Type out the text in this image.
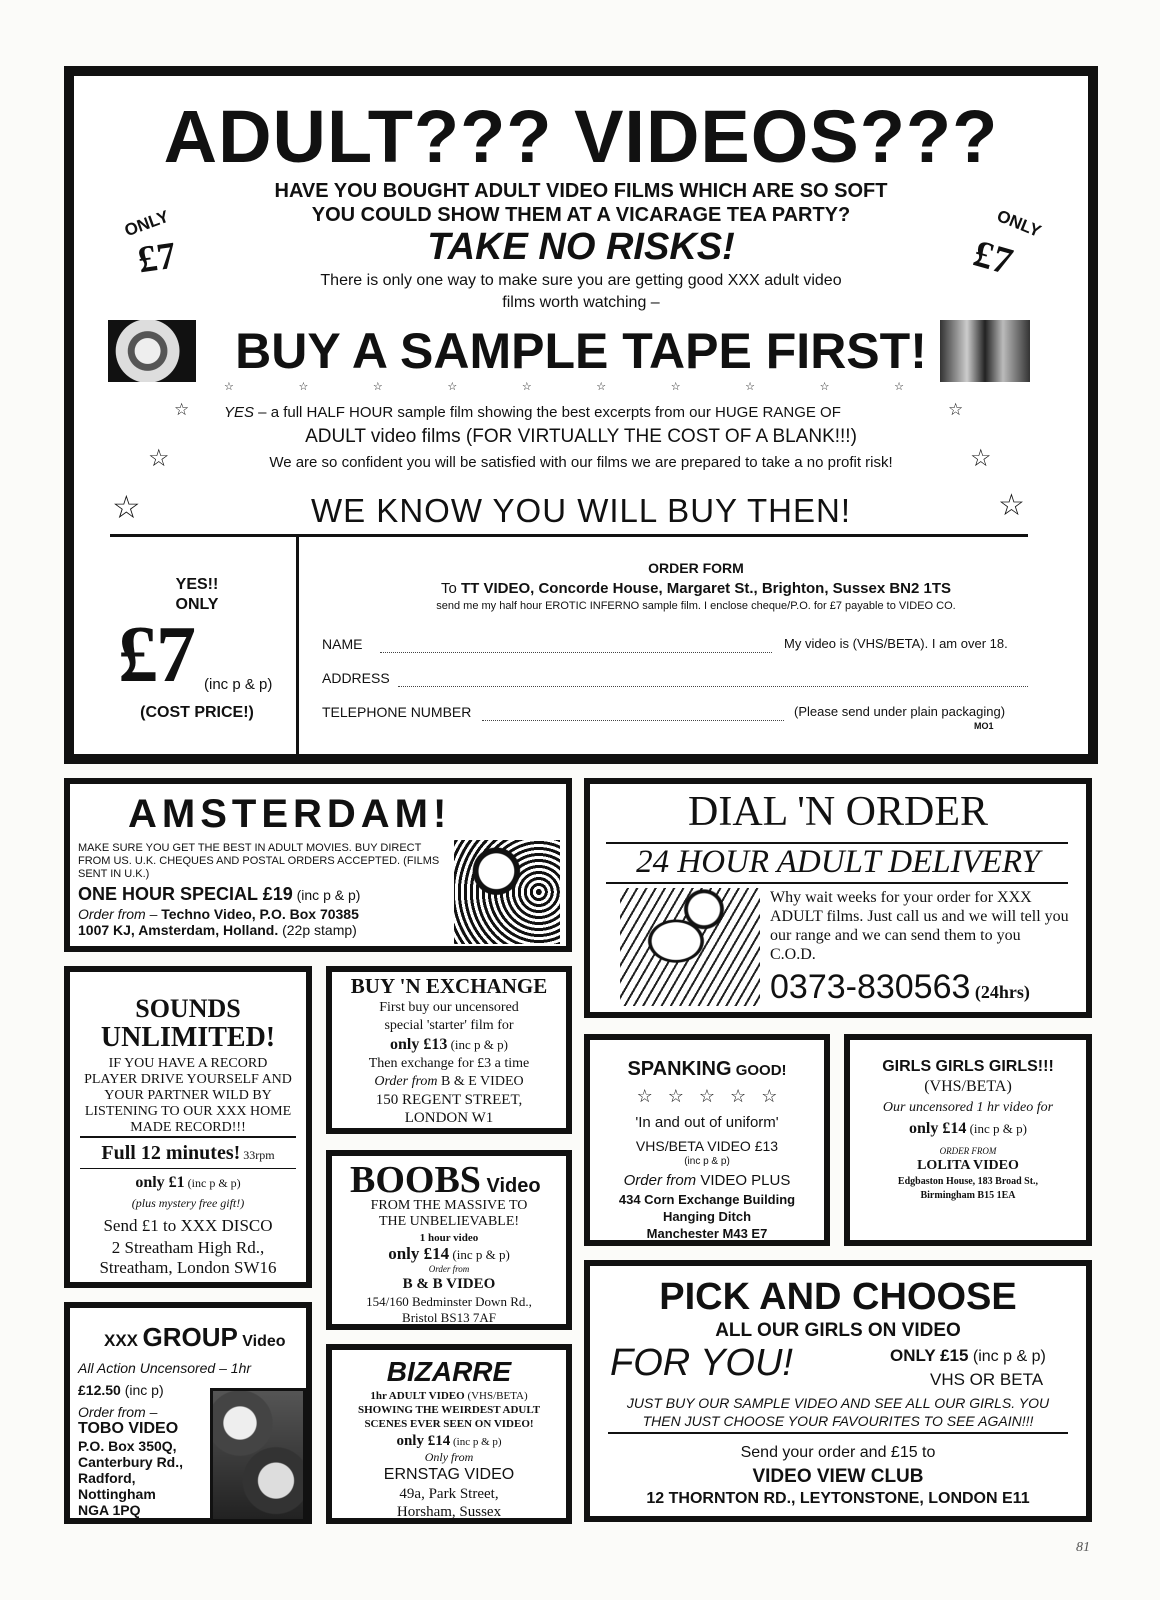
ADULT??? VIDEOS???
HAVE YOU BOUGHT ADULT VIDEO FILMS WHICH ARE SO SOFT
YOU COULD SHOW THEM AT A VICARAGE TEA PARTY?
ONLY
£7
ONLY
£7
TAKE NO RISKS!
There is only one way to make sure you are getting good XXX adult video
films worth watching –
BUY A SAMPLE TAPE FIRST!
☆	☆	☆	☆	☆	☆	☆	☆	☆	☆
☆	☆
YES – a full HALF HOUR sample film showing the best excerpts from our HUGE RANGE OF
ADULT video films (FOR VIRTUALLY THE COST OF A BLANK!!!)
☆	☆
We are so confident you will be satisfied with our films we are prepared to take a no profit risk!
☆	☆
WE KNOW YOU WILL BUY THEN!
YES!!
ONLY
£7 (inc p & p)
(COST PRICE!)
ORDER FORM
To TT VIDEO, Concorde House, Margaret St., Brighton, Sussex BN2 1TS
send me my half hour EROTIC INFERNO sample film. I enclose cheque/P.O. for £7 payable to VIDEO CO.
NAME	My video is (VHS/BETA). I am over 18.
ADDRESS
TELEPHONE NUMBER	(Please send under plain packaging)
MO1
AMSTERDAM!
MAKE SURE YOU GET THE BEST IN ADULT MOVIES. BUY DIRECT FROM US. U.K. CHEQUES AND POSTAL ORDERS ACCEPTED. (FILMS SENT IN U.K.)
ONE HOUR SPECIAL £19 (inc p & p)
Order from – Techno Video, P.O. Box 70385
1007 KJ, Amsterdam, Holland. (22p stamp)
DIAL 'N ORDER
24 HOUR ADULT DELIVERY
Why wait weeks for your order for XXX ADULT films. Just call us and we will tell you our range and we can send them to you C.O.D.
0373-830563 (24hrs)
SOUNDS
UNLIMITED!
IF YOU HAVE A RECORD PLAYER DRIVE YOURSELF AND YOUR PARTNER WILD BY LISTENING TO OUR XXX HOME MADE RECORD!!!
Full 12 minutes! 33rpm
only £1 (inc p & p)
(plus mystery free gift!)
Send £1 to XXX DISCO
2 Streatham High Rd.,
Streatham, London SW16
BUY 'N EXCHANGE
First buy our uncensored
special 'starter' film for
only £13 (inc p & p)
Then exchange for £3 a time
Order from B & E VIDEO
150 REGENT STREET,
LONDON W1
SPANKING GOOD!
☆   ☆   ☆   ☆   ☆
'In and out of uniform'
VHS/BETA VIDEO £13
(inc p & p)
Order from VIDEO PLUS
434 Corn Exchange Building
Hanging Ditch
Manchester M43 E7
GIRLS GIRLS GIRLS!!!
(VHS/BETA)
Our uncensored 1 hr video for
only £14 (inc p & p)
ORDER FROM
LOLITA VIDEO
Edgbaston House, 183 Broad St.,
Birmingham B15 1EA
BOOBS Video
FROM THE MASSIVE TO
THE UNBELIEVABLE!
1 hour video
only £14 (inc p & p)
Order from
B & B VIDEO
154/160 Bedminster Down Rd.,
Bristol BS13 7AF	PICK AND CHOOSE
ALL OUR GIRLS ON VIDEO
FOR YOU!	ONLY £15 (inc p & p)
VHS OR BETA
JUST BUY OUR SAMPLE VIDEO AND SEE ALL OUR GIRLS. YOU THEN JUST CHOOSE YOUR FAVOURITES TO SEE AGAIN!!!
Send your order and £15 to
VIDEO VIEW CLUB
12 THORNTON RD., LEYTONSTONE, LONDON E11
XXX GROUP Video
All Action Uncensored – 1hr
£12.50 (inc p)
Order from –
TOBO VIDEO
P.O. Box 350Q,
Canterbury Rd.,
Radford,
Nottingham
NGA 1PQ
BIZARRE
1hr ADULT VIDEO (VHS/BETA)
SHOWING THE WEIRDEST ADULT
SCENES EVER SEEN ON VIDEO!
only £14 (inc p & p)
Only from
ERNSTAG VIDEO
49a, Park Street,
Horsham, Sussex
81
